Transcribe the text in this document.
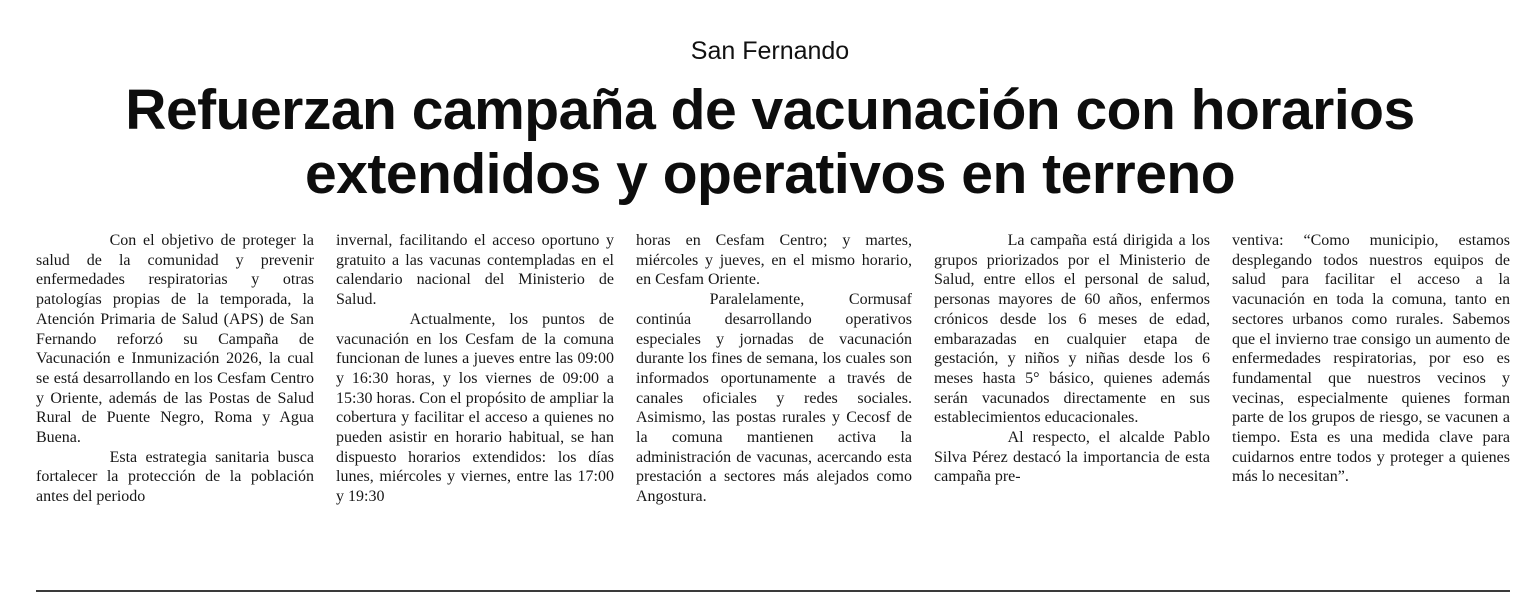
San Fernando
Refuerzan campaña de vacunación con horarios
extendidos y operativos en terreno

Con el objetivo de proteger la salud de la comunidad y prevenir enfermedades respiratorias y otras patologías propias de la temporada, la Atención Primaria de Salud (APS) de San Fernando reforzó su Campaña de Vacunación e Inmunización 2026, la cual se está desarrollando en los Cesfam Centro y Oriente, además de las Postas de Salud Rural de Puente Negro, Roma y Agua Buena.

Esta estrategia sanitaria busca fortalecer la protección de la población antes del periodo

invernal, facilitando el acceso oportuno y gratuito a las vacunas contempladas en el calendario nacional del Ministerio de Salud.

Actualmente, los puntos de vacunación en los Cesfam de la comuna funcionan de lunes a jueves entre las 09:00 y 16:30 horas, y los viernes de 09:00 a 15:30 horas. Con el propósito de ampliar la cobertura y facilitar el acceso a quienes no pueden asistir en horario habitual, se han dispuesto horarios extendidos: los días lunes, miércoles y viernes, entre las 17:00 y 19:30

horas en Cesfam Centro; y martes, miércoles y jueves, en el mismo horario, en Cesfam Oriente.

Paralelamente, Cormusaf continúa desarrollando operativos especiales y jornadas de vacunación durante los fines de semana, los cuales son informados oportunamente a través de canales oficiales y redes sociales. Asimismo, las postas rurales y Cecosf de la comuna mantienen activa la administración de vacunas, acercando esta prestación a sectores más alejados como Angostura.

La campaña está dirigida a los grupos priorizados por el Ministerio de Salud, entre ellos el personal de salud, personas mayores de 60 años, enfermos crónicos desde los 6 meses de edad, embarazadas en cualquier etapa de gestación, y niños y niñas desde los 6 meses hasta 5° básico, quienes además serán vacunados directamente en sus establecimientos educacionales.

Al respecto, el alcalde Pablo Silva Pérez destacó la importancia de esta campaña pre-

ventiva: “Como municipio, estamos desplegando todos nuestros equipos de salud para facilitar el acceso a la vacunación en toda la comuna, tanto en sectores urbanos como rurales. Sabemos que el invierno trae consigo un aumento de enfermedades respiratorias, por eso es fundamental que nuestros vecinos y vecinas, especialmente quienes forman parte de los grupos de riesgo, se vacunen a tiempo. Esta es una medida clave para cuidarnos entre todos y proteger a quienes más lo necesitan”.
